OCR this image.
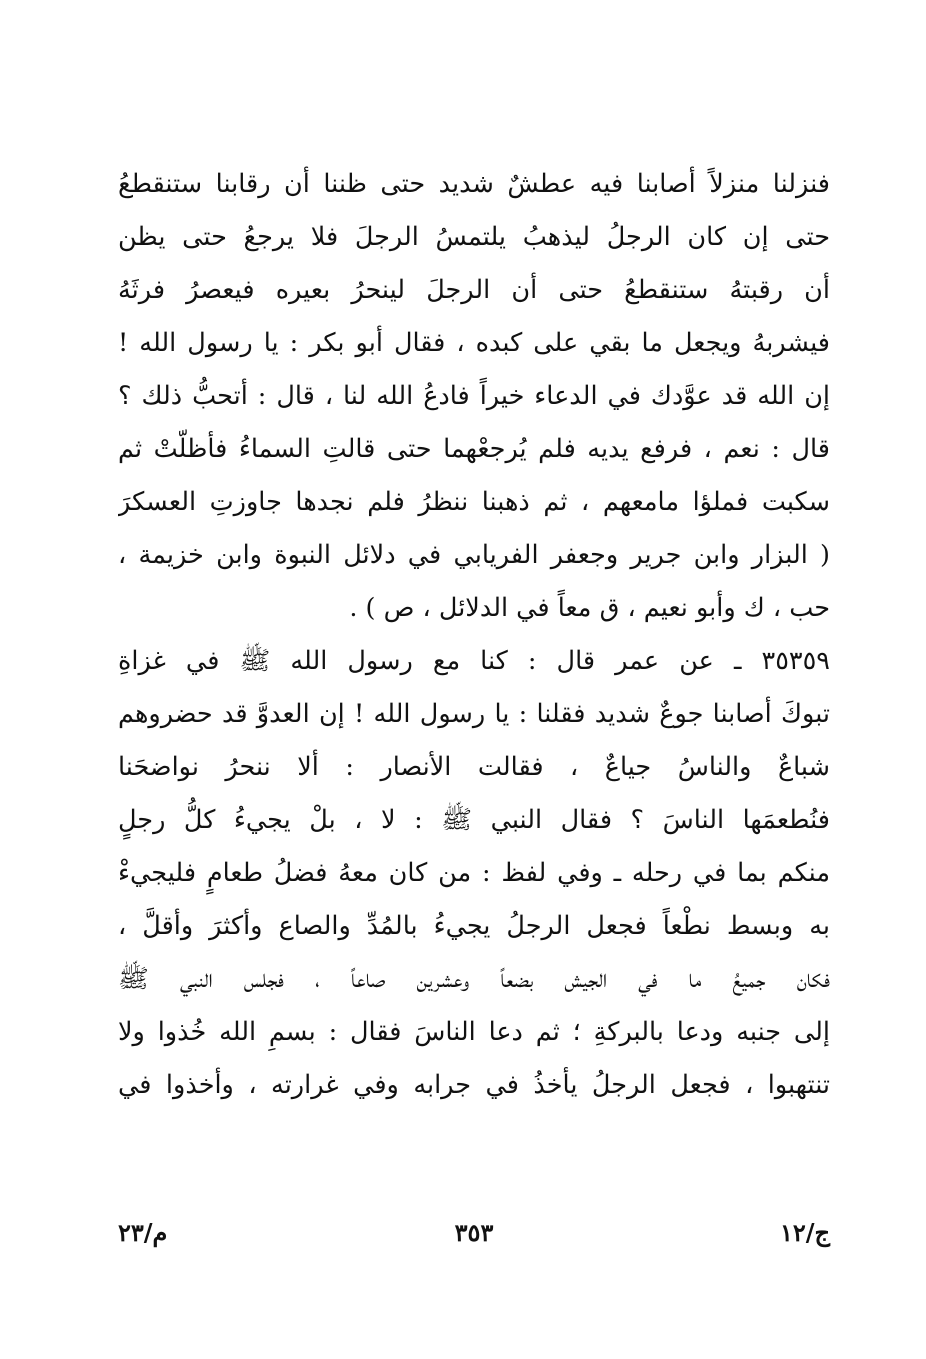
فنزلنا منزلاً أصابنا فيه عطشٌ شديد حتى ظننا أن رقابنا ستنقطعُ
حتى إن كان الرجلُ ليذهبُ يلتمسُ الرجلَ فلا يرجعُ حتى يظن
أن رقبتهُ ستنقطعُ حتى أن الرجلَ لينحرُ بعيره فيعصرُ فرثَهُ
فيشربهُ ويجعل ما بقي على كبده ، فقال أبو بكر : يا رسول الله !
إن الله قد عوَّدك في الدعاء خيراً فادعُ الله لنا ، قال : أتحبُّ ذلك ؟
قال : نعم ، فرفع يديه فلم يُرجعْهما حتى قالتِ السماءُ فأظلّتْ ثم
سكبت فملؤا مامعهم ، ثم ذهبنا ننظرُ فلم نجدها جاوزتِ العسكرَ
( البزار وابن جرير وجعفر الفريابي في دلائل النبوة وابن خزيمة ،
حب ، ك وأبو نعيم ، ق معاً في الدلائل ، ص ) .
٣٥٣٥٩ ـ عن عمر قال : كنا مع رسول الله ﷺ في غزاةِ
تبوكَ أصابنا جوعٌ شديد فقلنا : يا رسول الله ! إن العدوَّ قد حضروهم
شباعٌ والناسُ جياعٌ ، فقالت الأنصار : ألا ننحرُ نواضحَنا
فنُطعمَها الناسَ ؟ فقال النبي ﷺ : لا ، بلْ يجيءُ كلُّ رجلٍ
منكم بما في رحله ـ وفي لفظ : من كان معهُ فضلُ طعامٍ فليجيءْ
به وبسط نطْعاً فجعل الرجلُ يجيءُ بالمُدِّ والصاع وأكثرَ وأقلَّ ،
فكان جميعُ ما في الجيش بضعاً وعشرين صاعاً ، فجلس النبي ﷺ
إلى جنبه ودعا بالبركةِ ؛ ثم دعا الناسَ فقال : بسمِ الله خُذوا ولا
تنتهبوا ، فجعل الرجلُ يأخذُ في جرابه وفي غرارته ، وأخذوا في
ج/١٢
٣٥٣
م/٢٣
